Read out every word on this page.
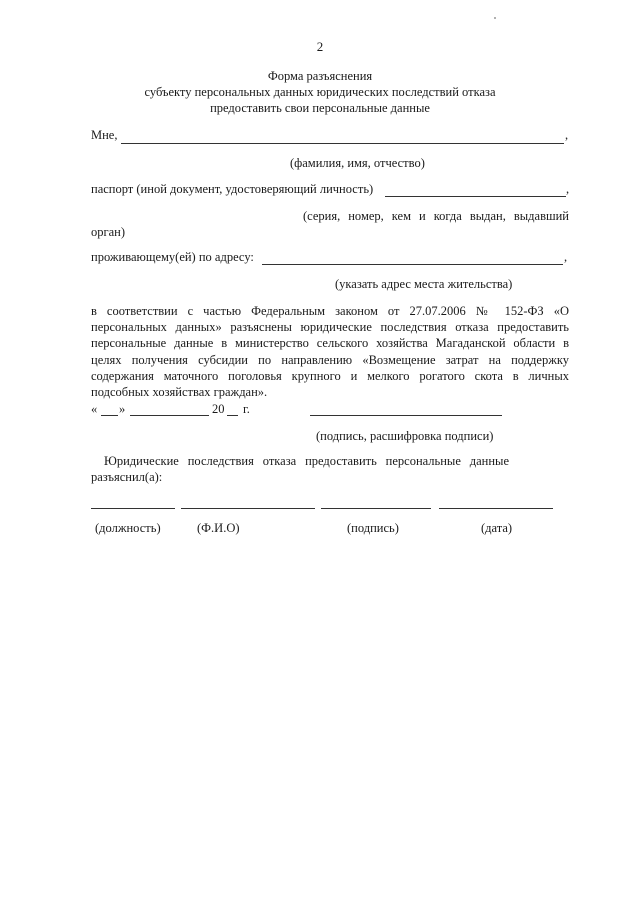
2
Форма разъяснения
субъекту персональных данных юридических последствий отказа
предоставить свои персональные данные
Мне,	,
(фамилия, имя, отчество)
паспорт (иной документ, удостоверяющий личность)	,
(серия, номер, кем и когда выдан, выдавший
орган)
проживающему(ей) по адресу:	,
(указать адрес места жительства)
в соответствии с частью Федеральным законом от 27.07.2006 № 152-ФЗ «О
персональных данных» разъяснены юридические последствия отказа предоставить
персональные данные в министерство сельского хозяйства Магаданской области в
целях получения субсидии по направлению «Возмещение затрат на поддержку
содержания маточного поголовья крупного и мелкого рогатого скота в личных
подсобных хозяйствах граждан».
« »	20 г.
(подпись, расшифровка подписи)
Юридические последствия отказа предоставить персональные данные
разъяснил(а):
(должность)	(Ф.И.О)	(подпись)	(дата)
